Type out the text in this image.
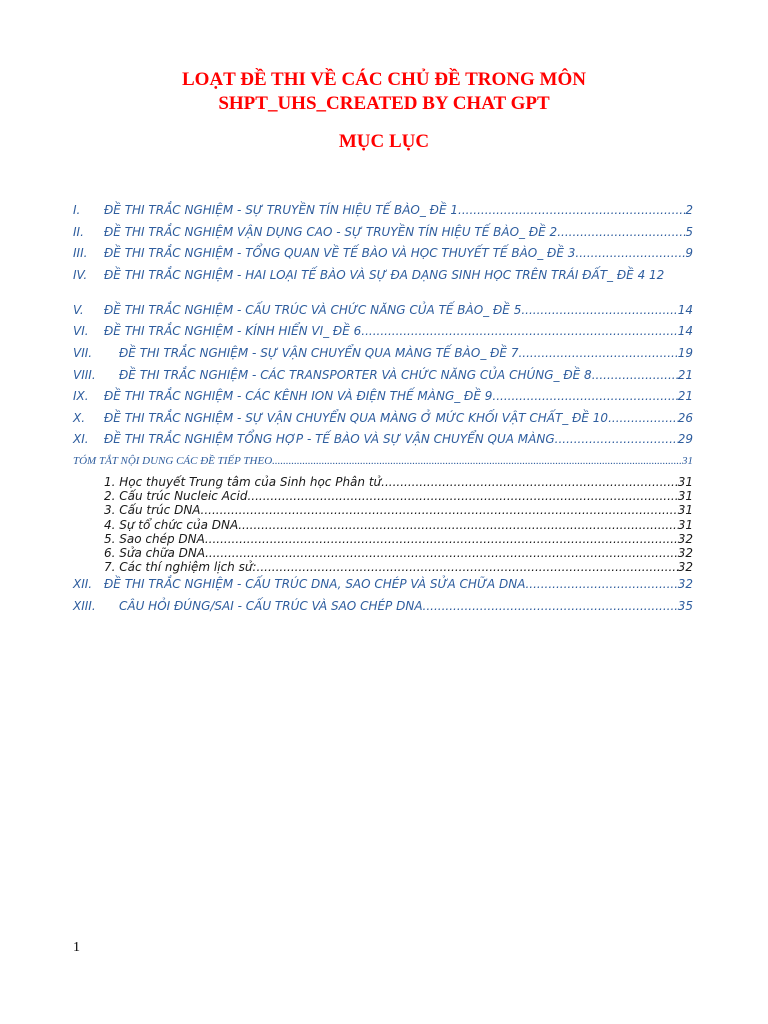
LOẠT ĐỀ THI VỀ CÁC CHỦ ĐỀ TRONG MÔN
SHPT_UHS_CREATED BY CHAT GPT
MỤC LỤC
I.	ĐỀ THI TRẮC NGHIỆM - SỰ TRUYỀN TÍN HIỆU TẾ BÀO_ ĐỀ 1 .....	2
II.	ĐỀ THI TRẮC NGHIỆM VẬN DỤNG CAO - SỰ TRUYỀN TÍN HIỆU TẾ BÀO_ ĐỀ 2 .....	5
III.	ĐỀ THI TRẮC NGHIỆM - TỔNG QUAN VỀ TẾ BÀO VÀ HỌC THUYẾT TẾ BÀO_ ĐỀ 3 .....	9
IV.	ĐỀ THI TRẮC NGHIỆM - HAI LOẠI TẾ BÀO VÀ SỰ ĐA DẠNG SINH HỌC TRÊN TRÁI ĐẤT_ ĐỀ 4 12
V.	ĐỀ THI TRẮC NGHIỆM - CẤU TRÚC VÀ CHỨC NĂNG CỦA TẾ BÀO_ ĐỀ 5 .....	14
VI.	ĐỀ THI TRẮC NGHIỆM - KÍNH HIỂN VI_ ĐỀ 6 .....	14
VII.	ĐỀ THI TRẮC NGHIỆM - SỰ VẬN CHUYỂN QUA MÀNG TẾ BÀO_ ĐỀ 7 .....	19
VIII.	ĐỀ THI TRẮC NGHIỆM - CÁC TRANSPORTER VÀ CHỨC NĂNG CỦA CHÚNG_ ĐỀ 8 .....	21
IX.	ĐỀ THI TRẮC NGHIỆM - CÁC KÊNH ION VÀ ĐIỆN THẾ MÀNG_ ĐỀ 9 .....	21
X.	ĐỀ THI TRẮC NGHIỆM - SỰ VẬN CHUYỂN QUA MÀNG Ở MỨC KHỐI VẬT CHẤT_ ĐỀ 10 .....	26
XI.	ĐỀ THI TRẮC NGHIỆM TỔNG HỢP - TẾ BÀO VÀ SỰ VẬN CHUYỂN QUA MÀNG .....	29
TÓM TẮT NỘI DUNG CÁC ĐỀ TIẾP THEO .....	31
1. Học thuyết Trung tâm của Sinh học Phân tử .....	31
2. Cấu trúc Nucleic Acid .....	31
3. Cấu trúc DNA .....	31
4. Sự tổ chức của DNA .....	31
5. Sao chép DNA .....	32
6. Sửa chữa DNA .....	32
7. Các thí nghiệm lịch sử: .....	32
XII. ĐỀ THI TRẮC NGHIỆM - CẤU TRÚC DNA, SAO CHÉP VÀ SỬA CHỮA DNA .....	32
XIII.	CÂU HỎI ĐÚNG/SAI - CẤU TRÚC VÀ SAO CHÉP DNA .....	35
1
